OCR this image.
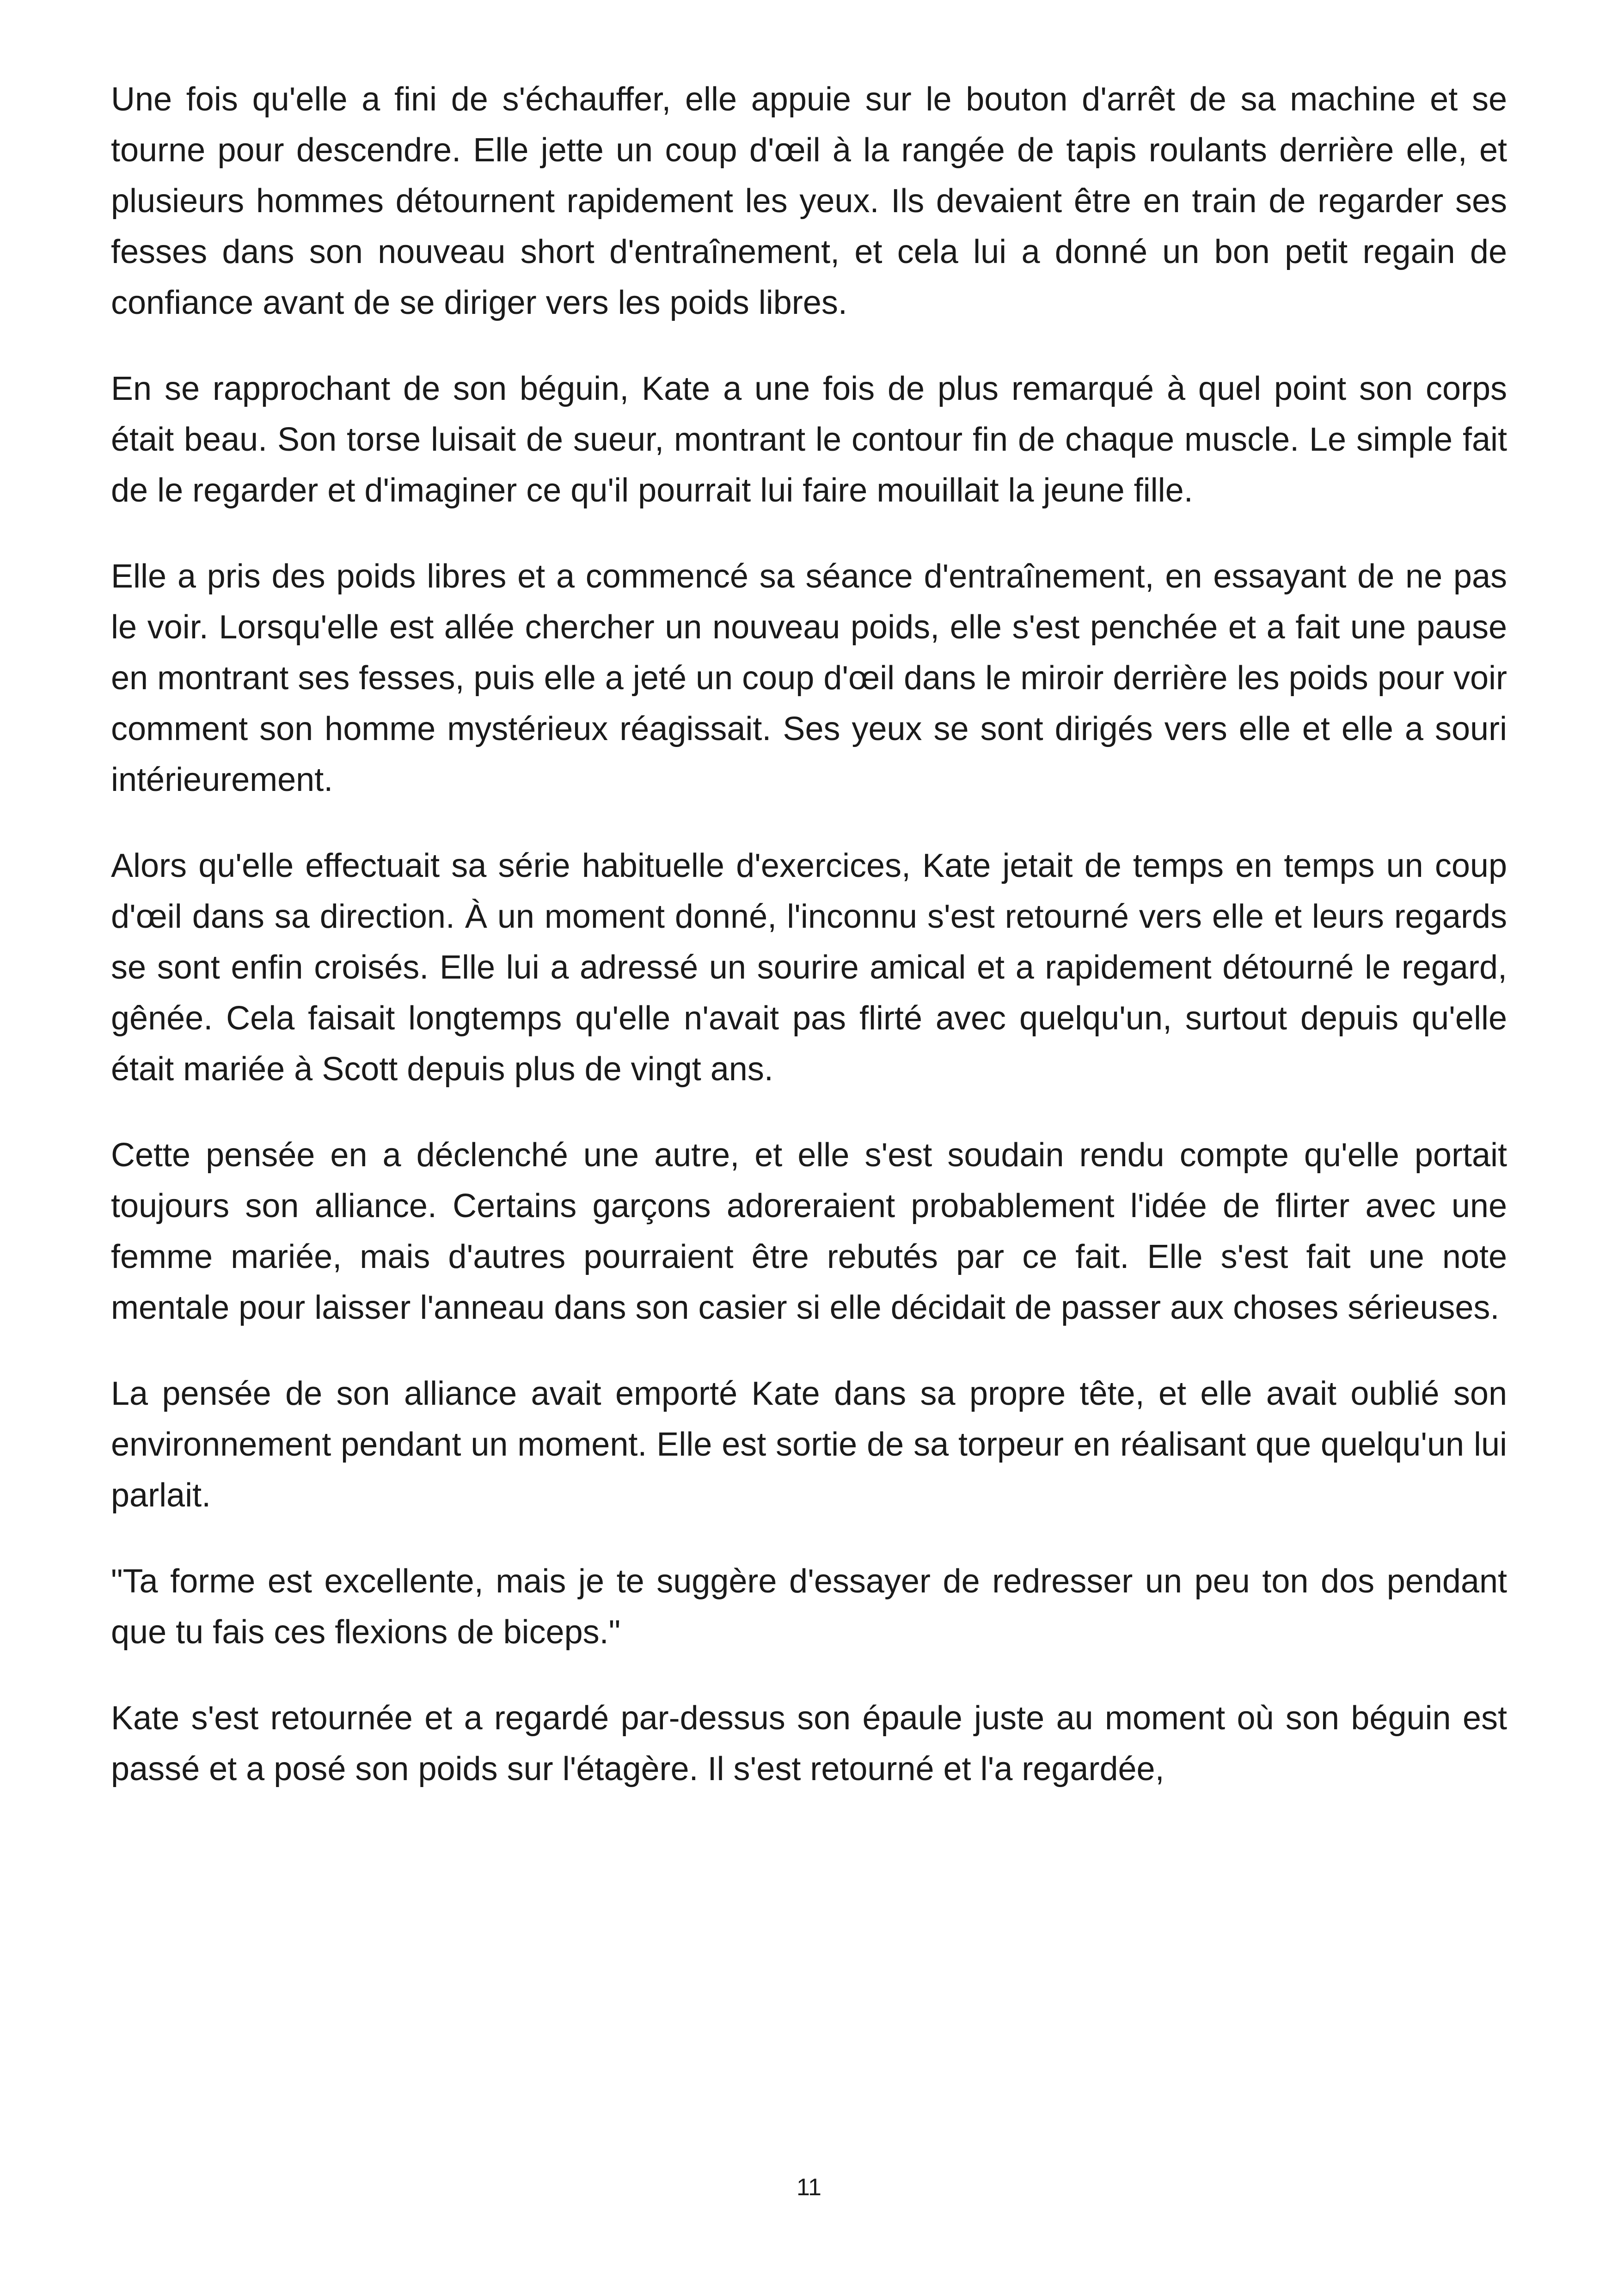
Une fois qu'elle a fini de s'échauffer, elle appuie sur le bouton d'arrêt de sa machine et se tourne pour descendre. Elle jette un coup d'œil à la rangée de tapis roulants derrière elle, et plusieurs hommes détournent rapidement les yeux. Ils devaient être en train de regarder ses fesses dans son nouveau short d'entraînement, et cela lui a donné un bon petit regain de confiance avant de se diriger vers les poids libres.

En se rapprochant de son béguin, Kate a une fois de plus remarqué à quel point son corps était beau. Son torse luisait de sueur, montrant le contour fin de chaque muscle. Le simple fait de le regarder et d'imaginer ce qu'il pourrait lui faire mouillait la jeune fille.

Elle a pris des poids libres et a commencé sa séance d'entraînement, en essayant de ne pas le voir. Lorsqu'elle est allée chercher un nouveau poids, elle s'est penchée et a fait une pause en montrant ses fesses, puis elle a jeté un coup d'œil dans le miroir derrière les poids pour voir comment son homme mystérieux réagissait. Ses yeux se sont dirigés vers elle et elle a souri intérieurement.

Alors qu'elle effectuait sa série habituelle d'exercices, Kate jetait de temps en temps un coup d'œil dans sa direction. À un moment donné, l'inconnu s'est retourné vers elle et leurs regards se sont enfin croisés. Elle lui a adressé un sourire amical et a rapidement détourné le regard, gênée. Cela faisait longtemps qu'elle n'avait pas flirté avec quelqu'un, surtout depuis qu'elle était mariée à Scott depuis plus de vingt ans.

Cette pensée en a déclenché une autre, et elle s'est soudain rendu compte qu'elle portait toujours son alliance. Certains garçons adoreraient probablement l'idée de flirter avec une femme mariée, mais d'autres pourraient être rebutés par ce fait. Elle s'est fait une note mentale pour laisser l'anneau dans son casier si elle décidait de passer aux choses sérieuses.

La pensée de son alliance avait emporté Kate dans sa propre tête, et elle avait oublié son environnement pendant un moment. Elle est sortie de sa torpeur en réalisant que quelqu'un lui parlait.

"Ta forme est excellente, mais je te suggère d'essayer de redresser un peu ton dos pendant que tu fais ces flexions de biceps."

Kate s'est retournée et a regardé par-dessus son épaule juste au moment où son béguin est passé et a posé son poids sur l'étagère. Il s'est retourné et l'a regardée,

11
